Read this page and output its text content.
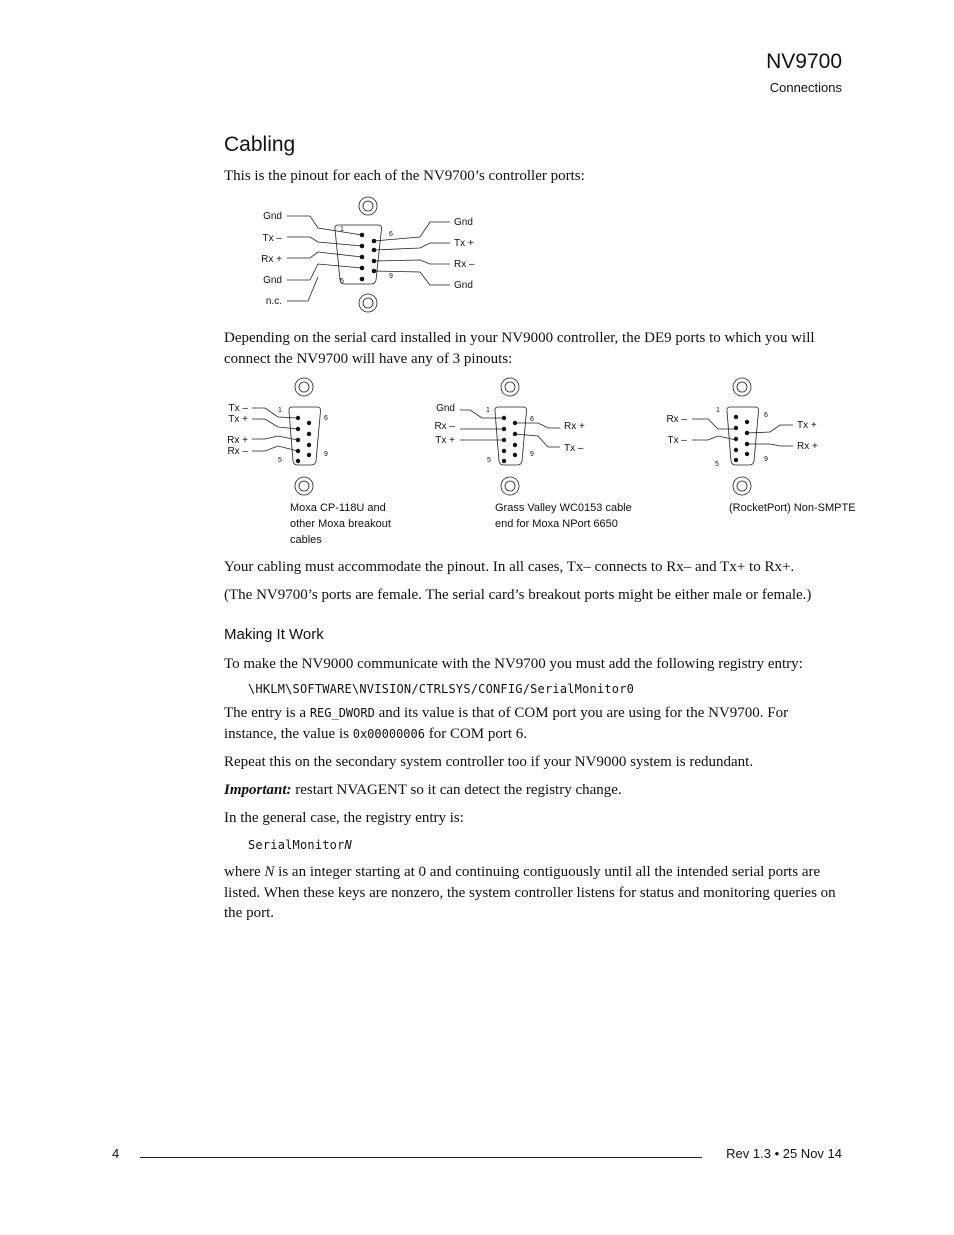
NV9700
Connections
Cabling

This is the pinout for each of the NV9700’s controller ports:

1
6
5
9
Gnd
Tx –
Rx +
Gnd
n.c.
Gnd
Tx +
Rx –
Gnd

Depending on the serial card installed in your NV9000 controller, the DE9 ports to which you will connect the NV9700 will have any of 3 pinouts:

1
6
5
9
Tx –
Tx +
Rx +
Rx –
Moxa CP-118U and
other Moxa breakout
cables
1
6
5
9
Gnd
Rx –
Tx +
Rx +
Tx –
Grass Valley WC0153 cable
end for Moxa NPort 6650
1
6
5
9
Rx –
Tx –
Tx +
Rx +
(RocketPort) Non-SMPTE

Your cabling must accommodate the pinout. In all cases, Tx– connects to Rx– and Tx+ to Rx+.

(The NV9700’s ports are female. The serial card’s breakout ports might be either male or female.)

Making It Work

To make the NV9000 communicate with the NV9700 you must add the following registry entry:

\HKLM\SOFTWARE\NVISION/CTRLSYS/CONFIG/SerialMonitor0

The entry is a REG_DWORD and its value is that of COM port you are using for the NV9700. For instance, the value is 0x00000006 for COM port 6.

Repeat this on the secondary system controller too if your NV9000 system is redundant.

Important: restart NVAGENT so it can detect the registry change.

In the general case, the registry entry is:

SerialMonitorN

where N is an integer starting at 0 and continuing contiguously until all the intended serial ports are listed. When these keys are nonzero, the system controller listens for status and monitoring queries on the port.

4	Rev 1.3 • 25 Nov 14
